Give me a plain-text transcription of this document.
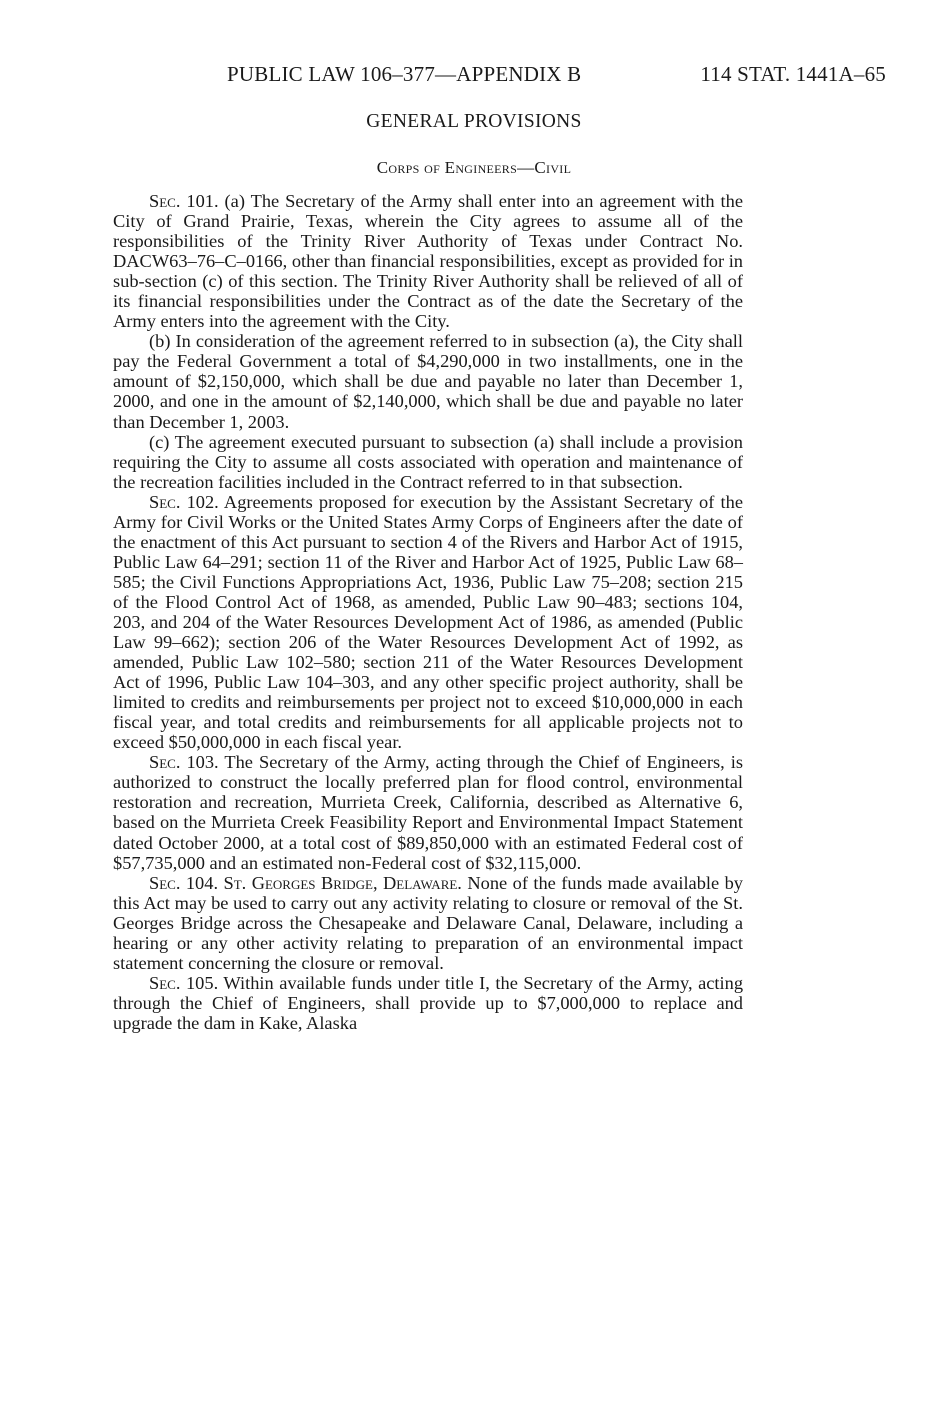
PUBLIC LAW 106–377—APPENDIX B	114 STAT. 1441A–65
GENERAL PROVISIONS
Corps of Engineers—Civil

Sec. 101. (a) The Secretary of the Army shall enter into an agreement with the City of Grand Prairie, Texas, wherein the City agrees to assume all of the responsibilities of the Trinity River Authority of Texas under Contract No. DACW63–76–C–0166, other than financial responsibilities, except as provided for in sub-section (c) of this section. The Trinity River Authority shall be relieved of all of its financial responsibilities under the Contract as of the date the Secretary of the Army enters into the agreement with the City.

(b) In consideration of the agreement referred to in subsection (a), the City shall pay the Federal Government a total of $4,290,000 in two installments, one in the amount of $2,150,000, which shall be due and payable no later than December 1, 2000, and one in the amount of $2,140,000, which shall be due and payable no later than December 1, 2003.

(c) The agreement executed pursuant to subsection (a) shall include a provision requiring the City to assume all costs associated with operation and maintenance of the recreation facilities included in the Contract referred to in that subsection.

Sec. 102. Agreements proposed for execution by the Assistant Secretary of the Army for Civil Works or the United States Army Corps of Engineers after the date of the enactment of this Act pursuant to section 4 of the Rivers and Harbor Act of 1915, Public Law 64–291; section 11 of the River and Harbor Act of 1925, Public Law 68–585; the Civil Functions Appropriations Act, 1936, Public Law 75–208; section 215 of the Flood Control Act of 1968, as amended, Public Law 90–483; sections 104, 203, and 204 of the Water Resources Development Act of 1986, as amended (Public Law 99–662); section 206 of the Water Resources Development Act of 1992, as amended, Public Law 102–580; section 211 of the Water Resources Development Act of 1996, Public Law 104–303, and any other specific project authority, shall be limited to credits and reimbursements per project not to exceed $10,000,000 in each fiscal year, and total credits and reimbursements for all applicable projects not to exceed $50,000,000 in each fiscal year.

Sec. 103. The Secretary of the Army, acting through the Chief of Engineers, is authorized to construct the locally preferred plan for flood control, environmental restoration and recreation, Murrieta Creek, California, described as Alternative 6, based on the Murrieta Creek Feasibility Report and Environmental Impact Statement dated October 2000, at a total cost of $89,850,000 with an estimated Federal cost of $57,735,000 and an estimated non-Federal cost of $32,115,000.

Sec. 104. St. Georges Bridge, Delaware. None of the funds made available by this Act may be used to carry out any activity relating to closure or removal of the St. Georges Bridge across the Chesapeake and Delaware Canal, Delaware, including a hearing or any other activity relating to preparation of an environmental impact statement concerning the closure or removal.

Sec. 105. Within available funds under title I, the Secretary of the Army, acting through the Chief of Engineers, shall provide up to $7,000,000 to replace and upgrade the dam in Kake, Alaska
